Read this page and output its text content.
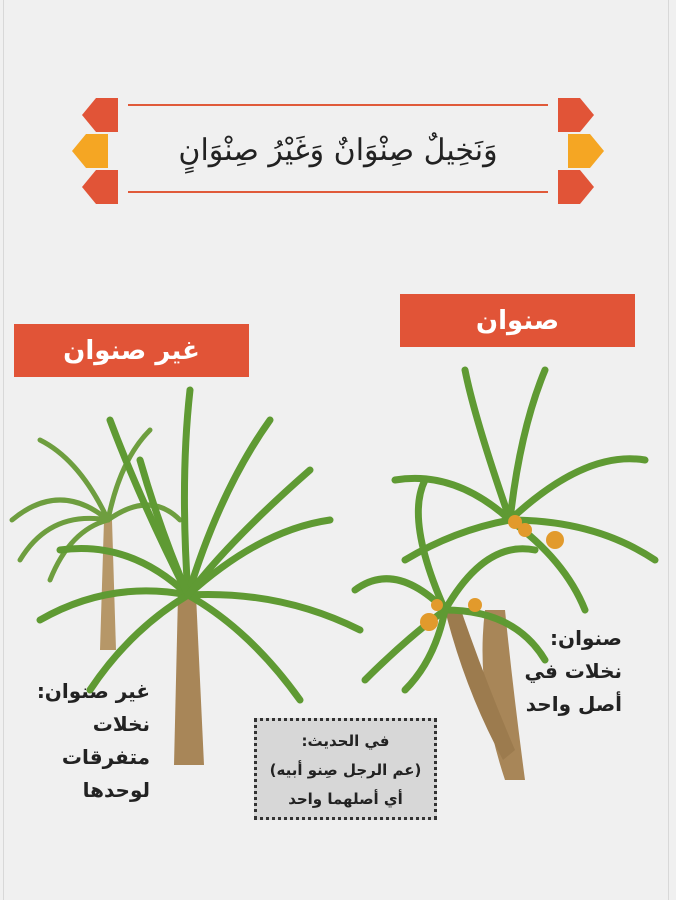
وَنَخِيلٌ صِنْوَانٌ وَغَيْرُ صِنْوَانٍ
صنوان
غير صنوان
صنوان:
نخلات في
أصل واحد
غير صنوان:
نخلات متفرقات
لوحدها
في الحديث:
(عم الرجل صِنو أبيه)
أي أصلهما واحد
